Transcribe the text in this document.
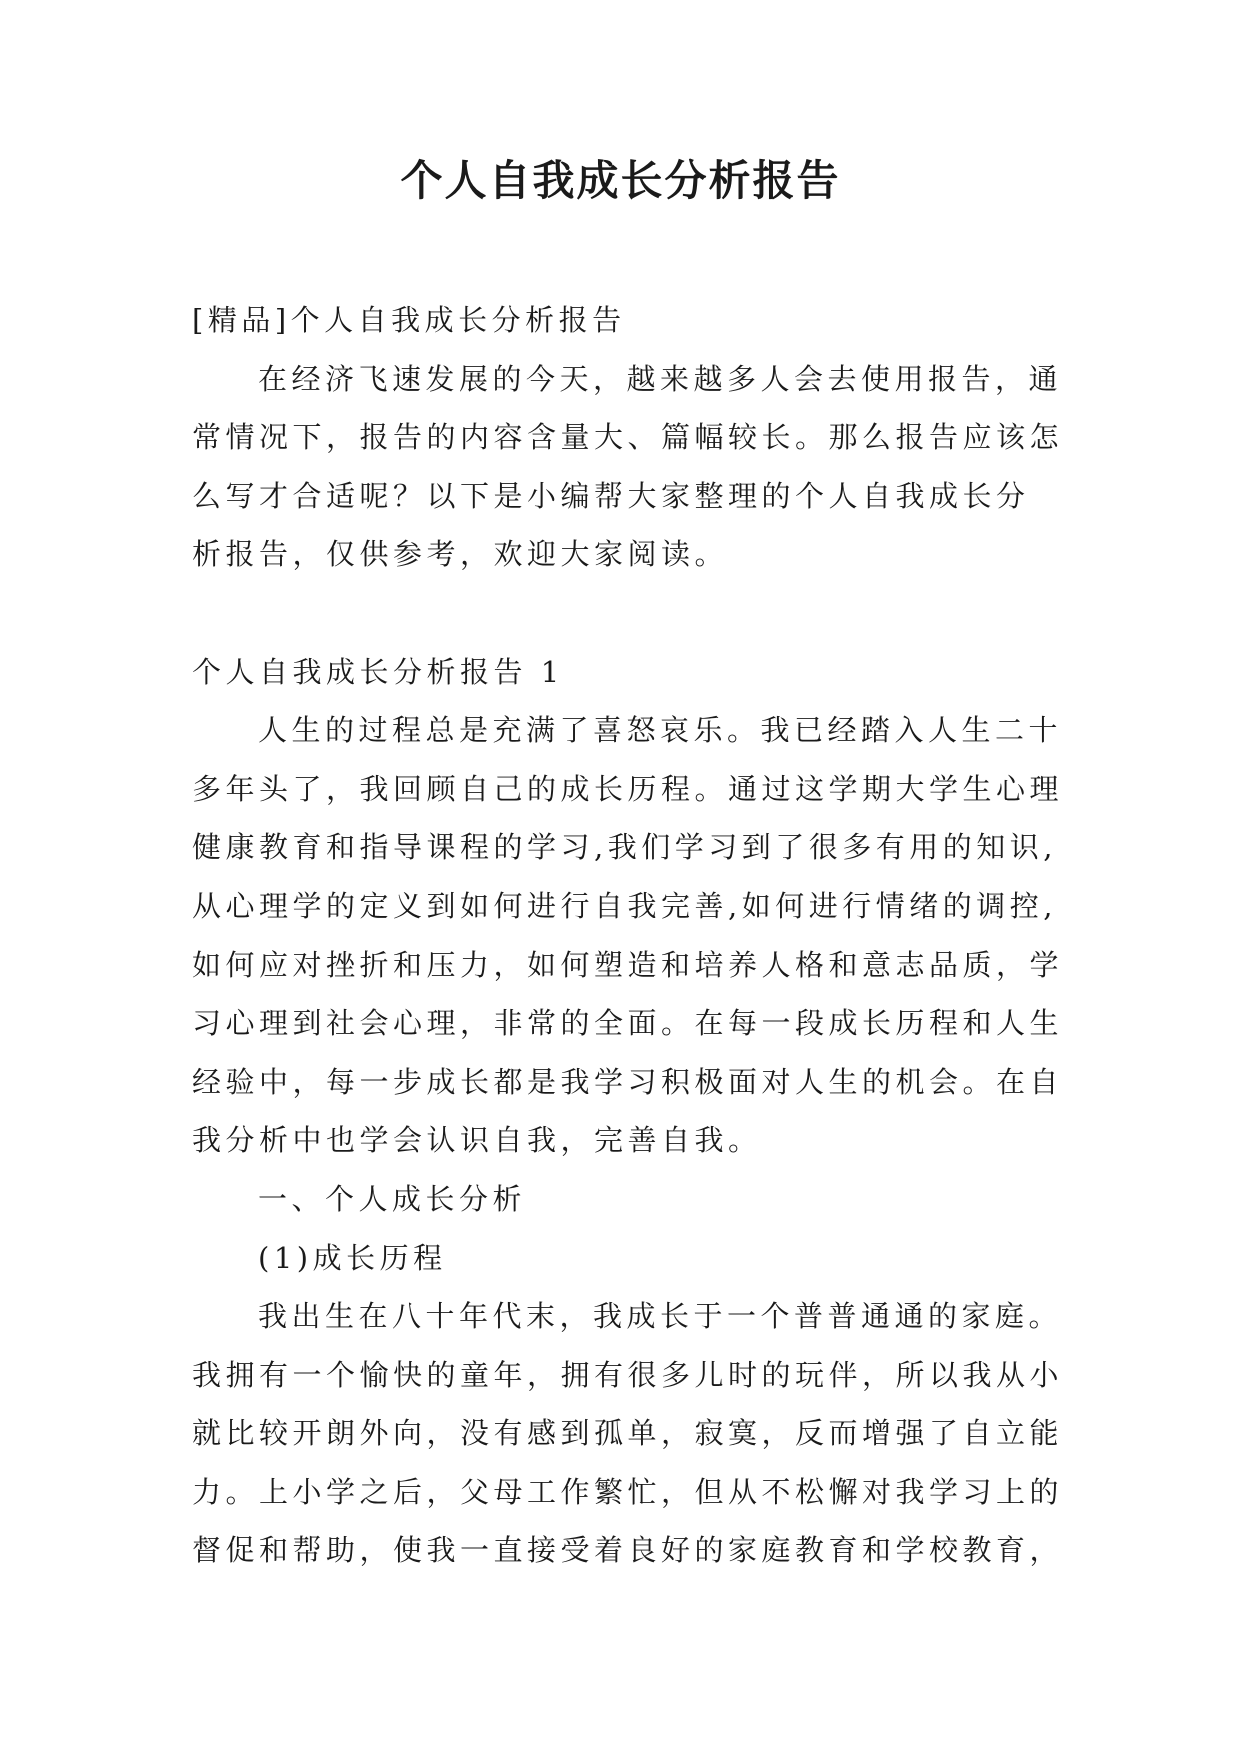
个人自我成长分析报告

[精品]个人自我成长分析报告

在经济飞速发展的今天，越来越多人会去使用报告，通

常情况下，报告的内容含量大、篇幅较长。那么报告应该怎

么写才合适呢？以下是小编帮大家整理的个人自我成长分

析报告，仅供参考，欢迎大家阅读。

个人自我成长分析报告 1

人生的过程总是充满了喜怒哀乐。我已经踏入人生二十

多年头了，我回顾自己的成长历程。通过这学期大学生心理

健康教育和指导课程的学习,我们学习到了很多有用的知识,

从心理学的定义到如何进行自我完善,如何进行情绪的调控,

如何应对挫折和压力，如何塑造和培养人格和意志品质，学

习心理到社会心理，非常的全面。在每一段成长历程和人生

经验中，每一步成长都是我学习积极面对人生的机会。在自

我分析中也学会认识自我，完善自我。

一、个人成长分析

(1)成长历程

我出生在八十年代末，我成长于一个普普通通的家庭。

我拥有一个愉快的童年，拥有很多儿时的玩伴，所以我从小

就比较开朗外向，没有感到孤单，寂寞，反而增强了自立能

力。上小学之后，父母工作繁忙，但从不松懈对我学习上的

督促和帮助，使我一直接受着良好的家庭教育和学校教育，
